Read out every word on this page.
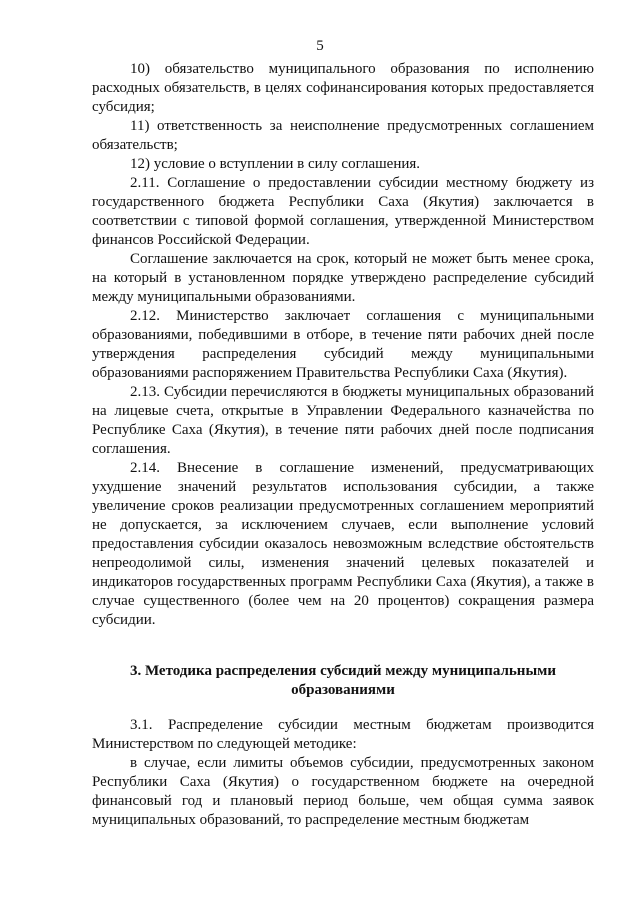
5

10) обязательство муниципального образования по исполнению расходных обязательств, в целях софинансирования которых предоставляется субсидия;

11) ответственность за неисполнение предусмотренных соглашением обязательств;

12) условие о вступлении в силу соглашения.

2.11. Соглашение о предоставлении субсидии местному бюджету из государственного бюджета Республики Саха (Якутия) заключается в соответствии с типовой формой соглашения, утвержденной Министерством финансов Российской Федерации.

Соглашение заключается на срок, который не может быть менее срока, на который в установленном порядке утверждено распределение субсидий между муниципальными образованиями.

2.12. Министерство заключает соглашения с муниципальными образованиями, победившими в отборе, в течение пяти рабочих дней после утверждения распределения субсидий между муниципальными образованиями распоряжением Правительства Республики Саха (Якутия).

2.13. Субсидии перечисляются в бюджеты муниципальных образований на лицевые счета, открытые в Управлении Федерального казначейства по Республике Саха (Якутия), в течение пяти рабочих дней после подписания соглашения.

2.14. Внесение в соглашение изменений, предусматривающих ухудшение значений результатов использования субсидии, а также увеличение сроков реализации предусмотренных соглашением мероприятий не допускается, за исключением случаев, если выполнение условий предоставления субсидии оказалось невозможным вследствие обстоятельств непреодолимой силы, изменения значений целевых показателей и индикаторов государственных программ Республики Саха (Якутия), а также в случае существенного (более чем на 20 процентов) сокращения размера субсидии.

3. Методика распределения субсидий между муниципальными образованиями

3.1. Распределение субсидии местным бюджетам производится Министерством по следующей методике:

в случае, если лимиты объемов субсидии, предусмотренных законом Республики Саха (Якутия) о государственном бюджете на очередной финансовый год и плановый период больше, чем общая сумма заявок муниципальных образований, то распределение местным бюджетам
